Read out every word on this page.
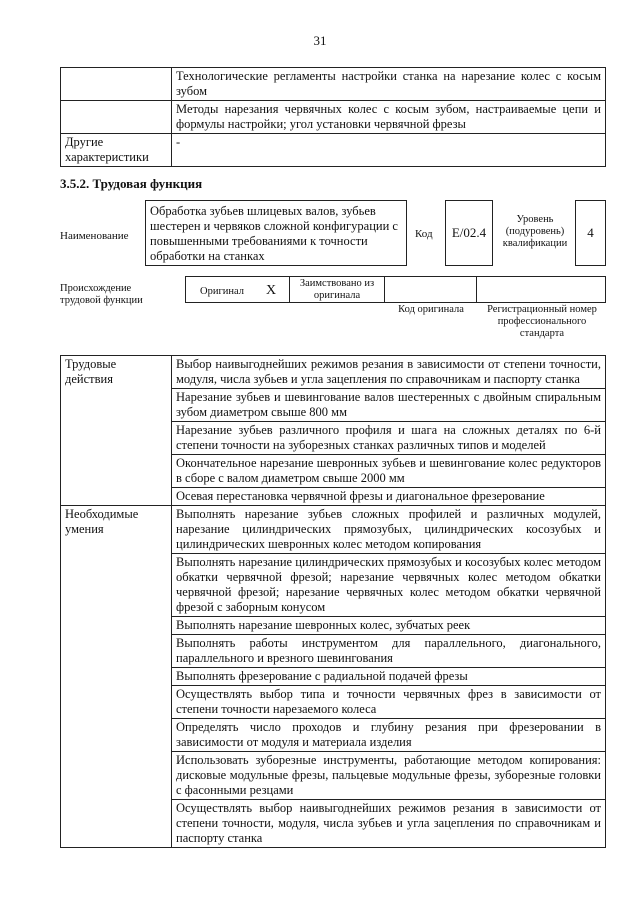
31
	Технологические регламенты настройки станка на нарезание колес с косым зубом
	Методы нарезания червячных колес с косым зубом, настраиваемые цепи и формулы настройки; угол установки червячной фрезы
Другие характеристики	-
3.5.2. Трудовая функция
Наименование
Обработка зубьев шлицевых валов, зубьев шестерен и червяков сложной конфигурации с повышенными требованиями к точности обработки на станках
Код E/02.4
Уровень (подуровень) квалификации
4
Происхождение трудовой функции
Оригинал X	Заимствовано из оригинала
Код оригинала	Регистрационный номер профессионального стандарта
Трудовые действия	Выбор наивыгоднейших режимов резания в зависимости от степени точности, модуля, числа зубьев и угла зацепления по справочникам и паспорту станка
	Нарезание зубьев и шевингование валов шестеренных с двойным спиральным зубом диаметром свыше 800 мм
	Нарезание зубьев различного профиля и шага на сложных деталях по 6-й степени точности на зуборезных станках различных типов и моделей
	Окончательное нарезание шевронных зубьев и шевингование колес редукторов в сборе с валом диаметром свыше 2000 мм
	Осевая перестановка червячной фрезы и диагональное фрезерование
Необходимые умения	Выполнять нарезание зубьев сложных профилей и различных модулей, нарезание цилиндрических прямозубых, цилиндрических косозубых и цилиндрических шевронных колес методом копирования
	Выполнять нарезание цилиндрических прямозубых и косозубых колес методом обкатки червячной фрезой; нарезание червячных колес методом обкатки червячной фрезой; нарезание червячных колес методом обкатки червячной фрезой с заборным конусом
	Выполнять нарезание шевронных колес, зубчатых реек
	Выполнять работы инструментом для параллельного, диагонального, параллельного и врезного шевингования
	Выполнять фрезерование с радиальной подачей фрезы
	Осуществлять выбор типа и точности червячных фрез в зависимости от степени точности нарезаемого колеса
	Определять число проходов и глубину резания при фрезеровании в зависимости от модуля и материала изделия
	Использовать зуборезные инструменты, работающие методом копирования: дисковые модульные фрезы, пальцевые модульные фрезы, зуборезные головки с фасонными резцами
	Осуществлять выбор наивыгоднейших режимов резания в зависимости от степени точности, модуля, числа зубьев и угла зацепления по справочникам и паспорту станка
